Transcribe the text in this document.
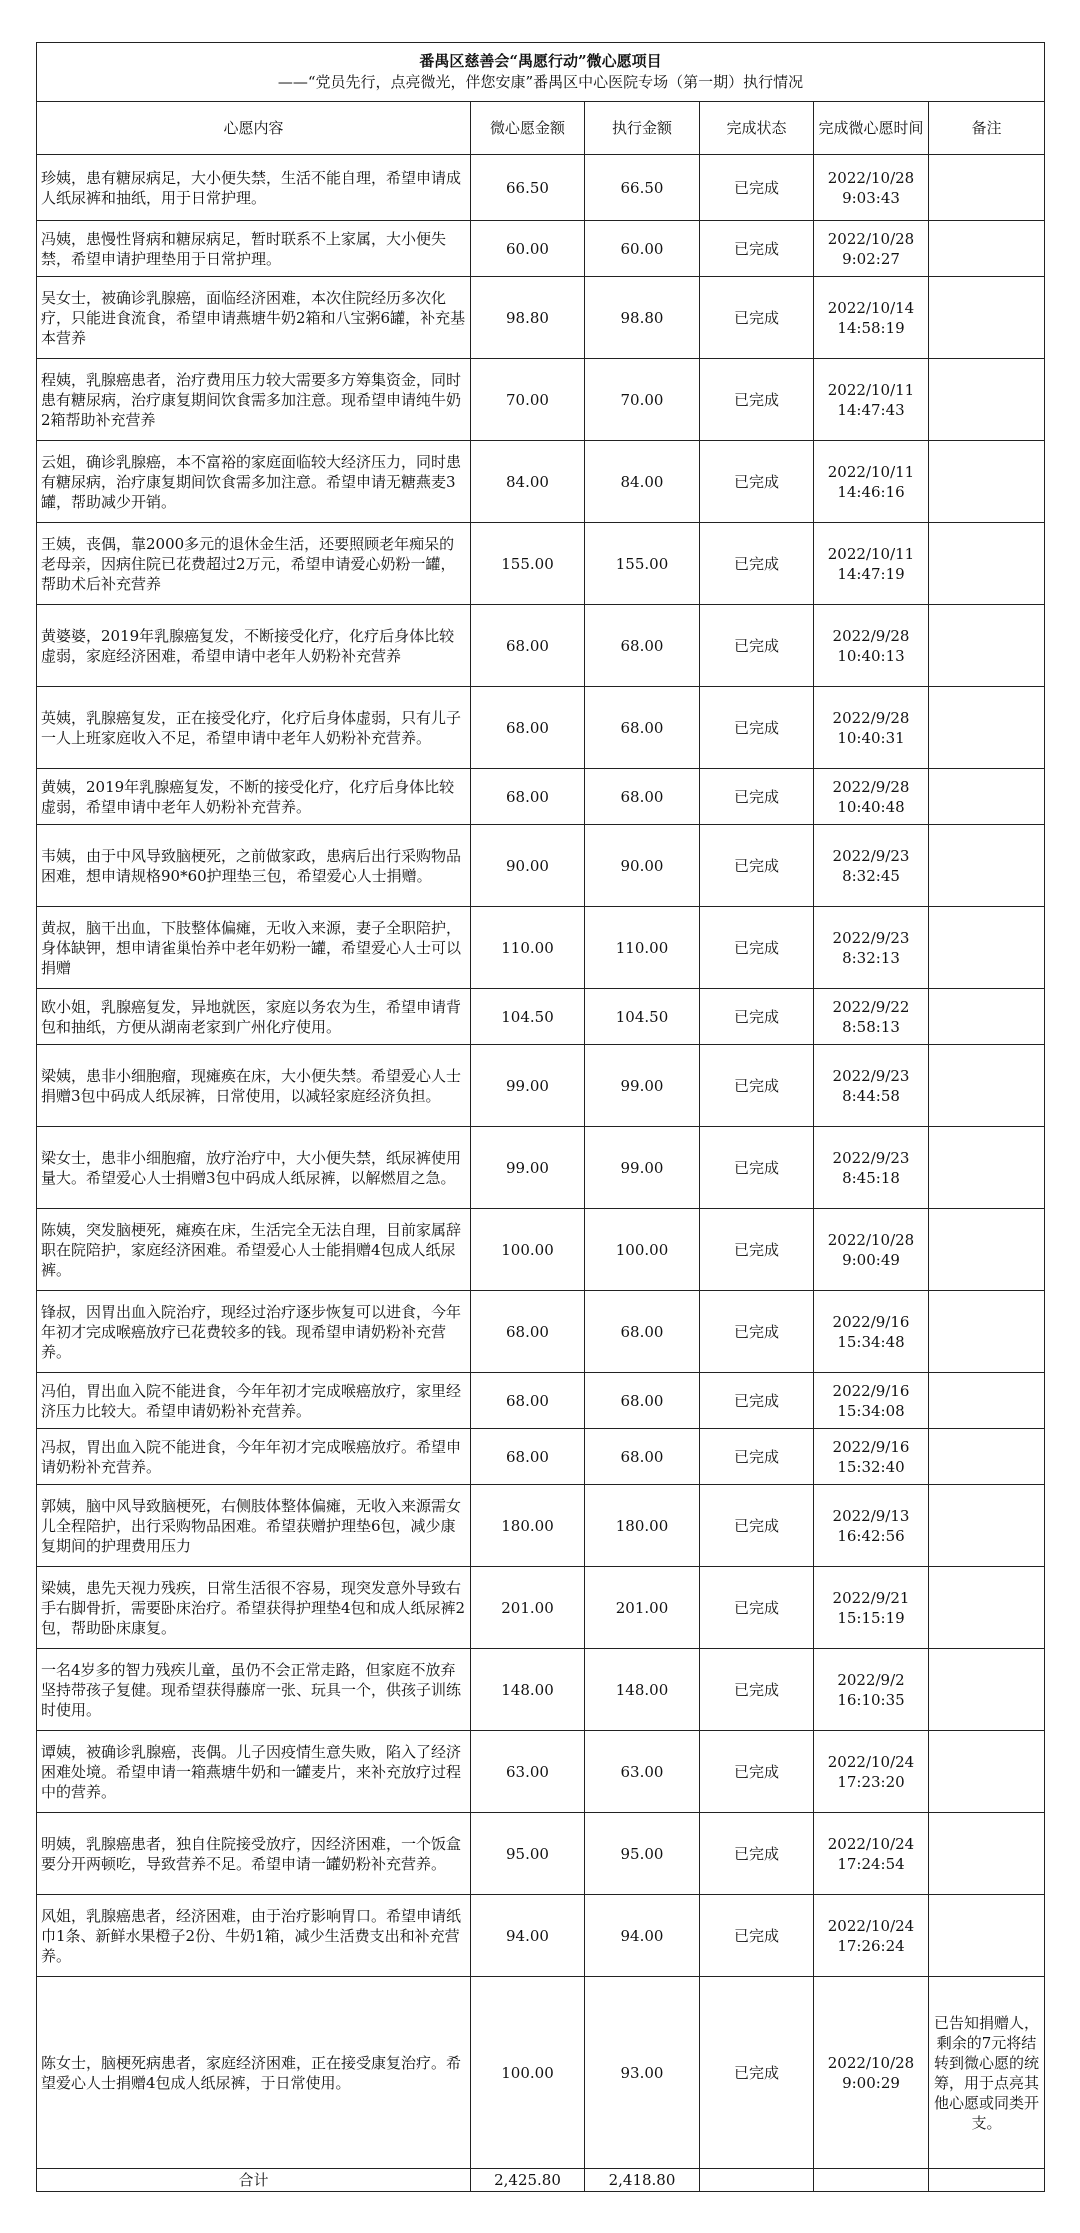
番禺区慈善会“禺愿行动”微心愿项目
——“党员先行，点亮微光，伴您安康”番禺区中心医院专场（第一期）执行情况					

心愿内容	微心愿金额	执行金额	完成状态	完成微心愿时间	备注
珍姨，患有糖尿病足，大小便失禁，生活不能自理，希望申请成人纸尿裤和抽纸，用于日常护理。	66.50	66.50	已完成	2022/10/28
9:03:43	

冯姨，患慢性肾病和糖尿病足，暂时联系不上家属，大小便失禁，希望申请护理垫用于日常护理。	60.00	60.00	已完成	2022/10/28
9:02:27	

吴女士，被确诊乳腺癌，面临经济困难，本次住院经历多次化疗，只能进食流食，希望申请燕塘牛奶2箱和八宝粥6罐，补充基本营养	98.80	98.80	已完成	2022/10/14
14:58:19	

程姨，乳腺癌患者，治疗费用压力较大需要多方筹集资金，同时患有糖尿病，治疗康复期间饮食需多加注意。现希望申请纯牛奶2箱帮助补充营养	70.00	70.00	已完成	2022/10/11
14:47:43	

云姐，确诊乳腺癌，本不富裕的家庭面临较大经济压力，同时患有糖尿病，治疗康复期间饮食需多加注意。希望申请无糖燕麦3罐，帮助减少开销。	84.00	84.00	已完成	2022/10/11
14:46:16	

王姨，丧偶，靠2000多元的退休金生活，还要照顾老年痴呆的老母亲，因病住院已花费超过2万元，希望申请爱心奶粉一罐，帮助术后补充营养	155.00	155.00	已完成	2022/10/11
14:47:19	

黄婆婆，2019年乳腺癌复发，不断接受化疗，化疗后身体比较虚弱，家庭经济困难，希望申请中老年人奶粉补充营养	68.00	68.00	已完成	2022/9/28
10:40:13	

英姨，乳腺癌复发，正在接受化疗，化疗后身体虚弱，只有儿子一人上班家庭收入不足，希望申请中老年人奶粉补充营养。	68.00	68.00	已完成	2022/9/28
10:40:31	

黄姨，2019年乳腺癌复发，不断的接受化疗，化疗后身体比较虚弱，希望申请中老年人奶粉补充营养。	68.00	68.00	已完成	2022/9/28
10:40:48	

韦姨，由于中风导致脑梗死，之前做家政，患病后出行采购物品困难，想申请规格90*60护理垫三包，希望爱心人士捐赠。	90.00	90.00	已完成	2022/9/23
8:32:45	

黄叔，脑干出血，下肢整体偏瘫，无收入来源，妻子全职陪护，身体缺钾，想申请雀巢怡养中老年奶粉一罐，希望爱心人士可以捐赠	110.00	110.00	已完成	2022/9/23
8:32:13	

欧小姐，乳腺癌复发，异地就医，家庭以务农为生，希望申请背包和抽纸，方便从湖南老家到广州化疗使用。	104.50	104.50	已完成	2022/9/22
8:58:13	

梁姨，患非小细胞瘤，现瘫痪在床，大小便失禁。希望爱心人士捐赠3包中码成人纸尿裤，日常使用，以减轻家庭经济负担。	99.00	99.00	已完成	2022/9/23
8:44:58	

梁女士，患非小细胞瘤，放疗治疗中，大小便失禁，纸尿裤使用量大。希望爱心人士捐赠3包中码成人纸尿裤，以解燃眉之急。	99.00	99.00	已完成	2022/9/23
8:45:18	

陈姨，突发脑梗死，瘫痪在床，生活完全无法自理，目前家属辞职在院陪护，家庭经济困难。希望爱心人士能捐赠4包成人纸尿裤。	100.00	100.00	已完成	2022/10/28
9:00:49	

锋叔，因胃出血入院治疗，现经过治疗逐步恢复可以进食，今年年初才完成喉癌放疗已花费较多的钱。现希望申请奶粉补充营养。	68.00	68.00	已完成	2022/9/16
15:34:48	

冯伯，胃出血入院不能进食，今年年初才完成喉癌放疗，家里经济压力比较大。希望申请奶粉补充营养。	68.00	68.00	已完成	2022/9/16
15:34:08	

冯叔，胃出血入院不能进食，今年年初才完成喉癌放疗。希望申请奶粉补充营养。	68.00	68.00	已完成	2022/9/16
15:32:40	

郭姨，脑中风导致脑梗死，右侧肢体整体偏瘫，无收入来源需女儿全程陪护，出行采购物品困难。希望获赠护理垫6包，减少康复期间的护理费用压力	180.00	180.00	已完成	2022/9/13
16:42:56	

梁姨，患先天视力残疾，日常生活很不容易，现突发意外导致右手右脚骨折，需要卧床治疗。希望获得护理垫4包和成人纸尿裤2包，帮助卧床康复。	201.00	201.00	已完成	2022/9/21
15:15:19	

一名4岁多的智力残疾儿童，虽仍不会正常走路，但家庭不放弃坚持带孩子复健。现希望获得藤席一张、玩具一个，供孩子训练时使用。	148.00	148.00	已完成	2022/9/2
16:10:35	

谭姨，被确诊乳腺癌，丧偶。儿子因疫情生意失败，陷入了经济困难处境。希望申请一箱燕塘牛奶和一罐麦片，来补充放疗过程中的营养。	63.00	63.00	已完成	2022/10/24
17:23:20	

明姨，乳腺癌患者，独自住院接受放疗，因经济困难，一个饭盒要分开两顿吃，导致营养不足。希望申请一罐奶粉补充营养。	95.00	95.00	已完成	2022/10/24
17:24:54	

风姐，乳腺癌患者，经济困难，由于治疗影响胃口。希望申请纸巾1条、新鲜水果橙子2份、牛奶1箱，减少生活费支出和补充营养。	94.00	94.00	已完成	2022/10/24
17:26:24	

陈女士，脑梗死病患者，家庭经济困难，正在接受康复治疗。希望爱心人士捐赠4包成人纸尿裤，于日常使用。	100.00	93.00	已完成	2022/10/28
9:00:29	已告知捐赠人，剩余的7元将结转到微心愿的统筹，用于点亮其他心愿或同类开支。
合计	2,425.80	2,418.80			
